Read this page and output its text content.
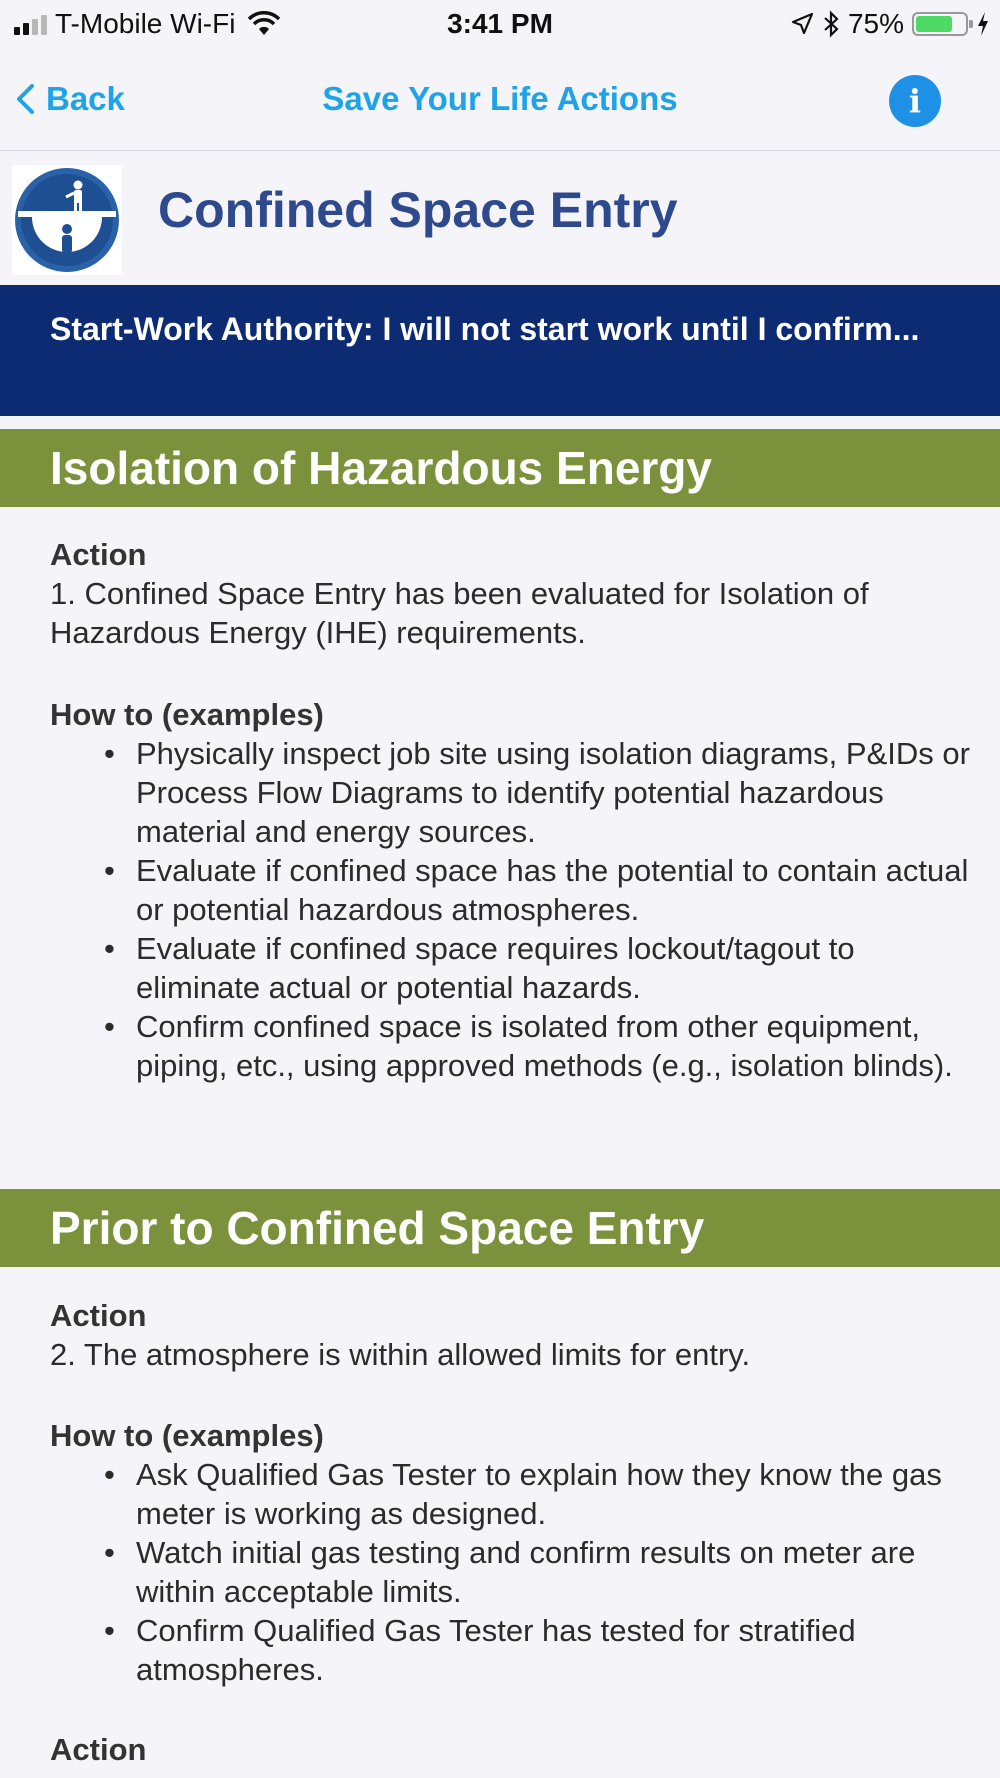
T-Mobile Wi-Fi	3:41 PM	75%
Back	Save Your Life Actions	i
Confined Space Entry
Start-Work Authority: I will not start work until I confirm...
Isolation of Hazardous Energy
Action
1. Confined Space Entry has been evaluated for Isolation of Hazardous Energy (IHE) requirements.
How to (examples)
• Physically inspect job site using isolation diagrams, P&IDs or Process Flow Diagrams to identify potential hazardous material and energy sources.
• Evaluate if confined space has the potential to contain actual or potential hazardous atmospheres.
• Evaluate if confined space requires lockout/tagout to eliminate actual or potential hazards.
• Confirm confined space is isolated from other equipment, piping, etc., using approved methods (e.g., isolation blinds).
Prior to Confined Space Entry
Action
2. The atmosphere is within allowed limits for entry.
How to (examples)
• Ask Qualified Gas Tester to explain how they know the gas meter is working as designed.
• Watch initial gas testing and confirm results on meter are within acceptable limits.
• Confirm Qualified Gas Tester has tested for stratified atmospheres.
Action
